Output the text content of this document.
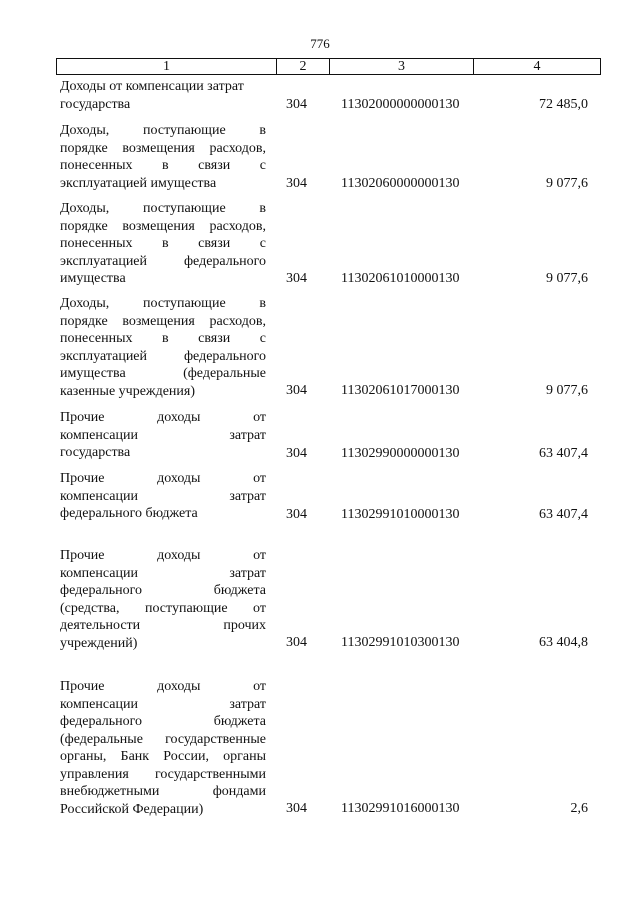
776
1	2	3	4
Доходы от компенсации затрат
государства	304 11302000000000130	72 485,0
Доходы, поступающие в
порядке возмещения расходов,
понесенных в связи с
эксплуатацией имущества	304 11302060000000130	9 077,6
Доходы, поступающие в
порядке возмещения расходов,
понесенных в связи с
эксплуатацией федерального
имущества	304 11302061010000130	9 077,6
Доходы, поступающие в
порядке возмещения расходов,
понесенных в связи с
эксплуатацией федерального
имущества (федеральные
казенные учреждения)	304 11302061017000130	9 077,6
Прочие доходы от
компенсации затрат
государства	304 11302990000000130	63 407,4
Прочие доходы от
компенсации затрат
федерального бюджета	304 11302991010000130	63 407,4
Прочие доходы от
компенсации затрат
федерального бюджета
(средства, поступающие от
деятельности прочих
учреждений)	304 11302991010300130	63 404,8
Прочие доходы от
компенсации затрат
федерального бюджета
(федеральные государственные
органы, Банк России, органы
управления государственными
внебюджетными фондами
Российской Федерации)	304 11302991016000130	2,6
